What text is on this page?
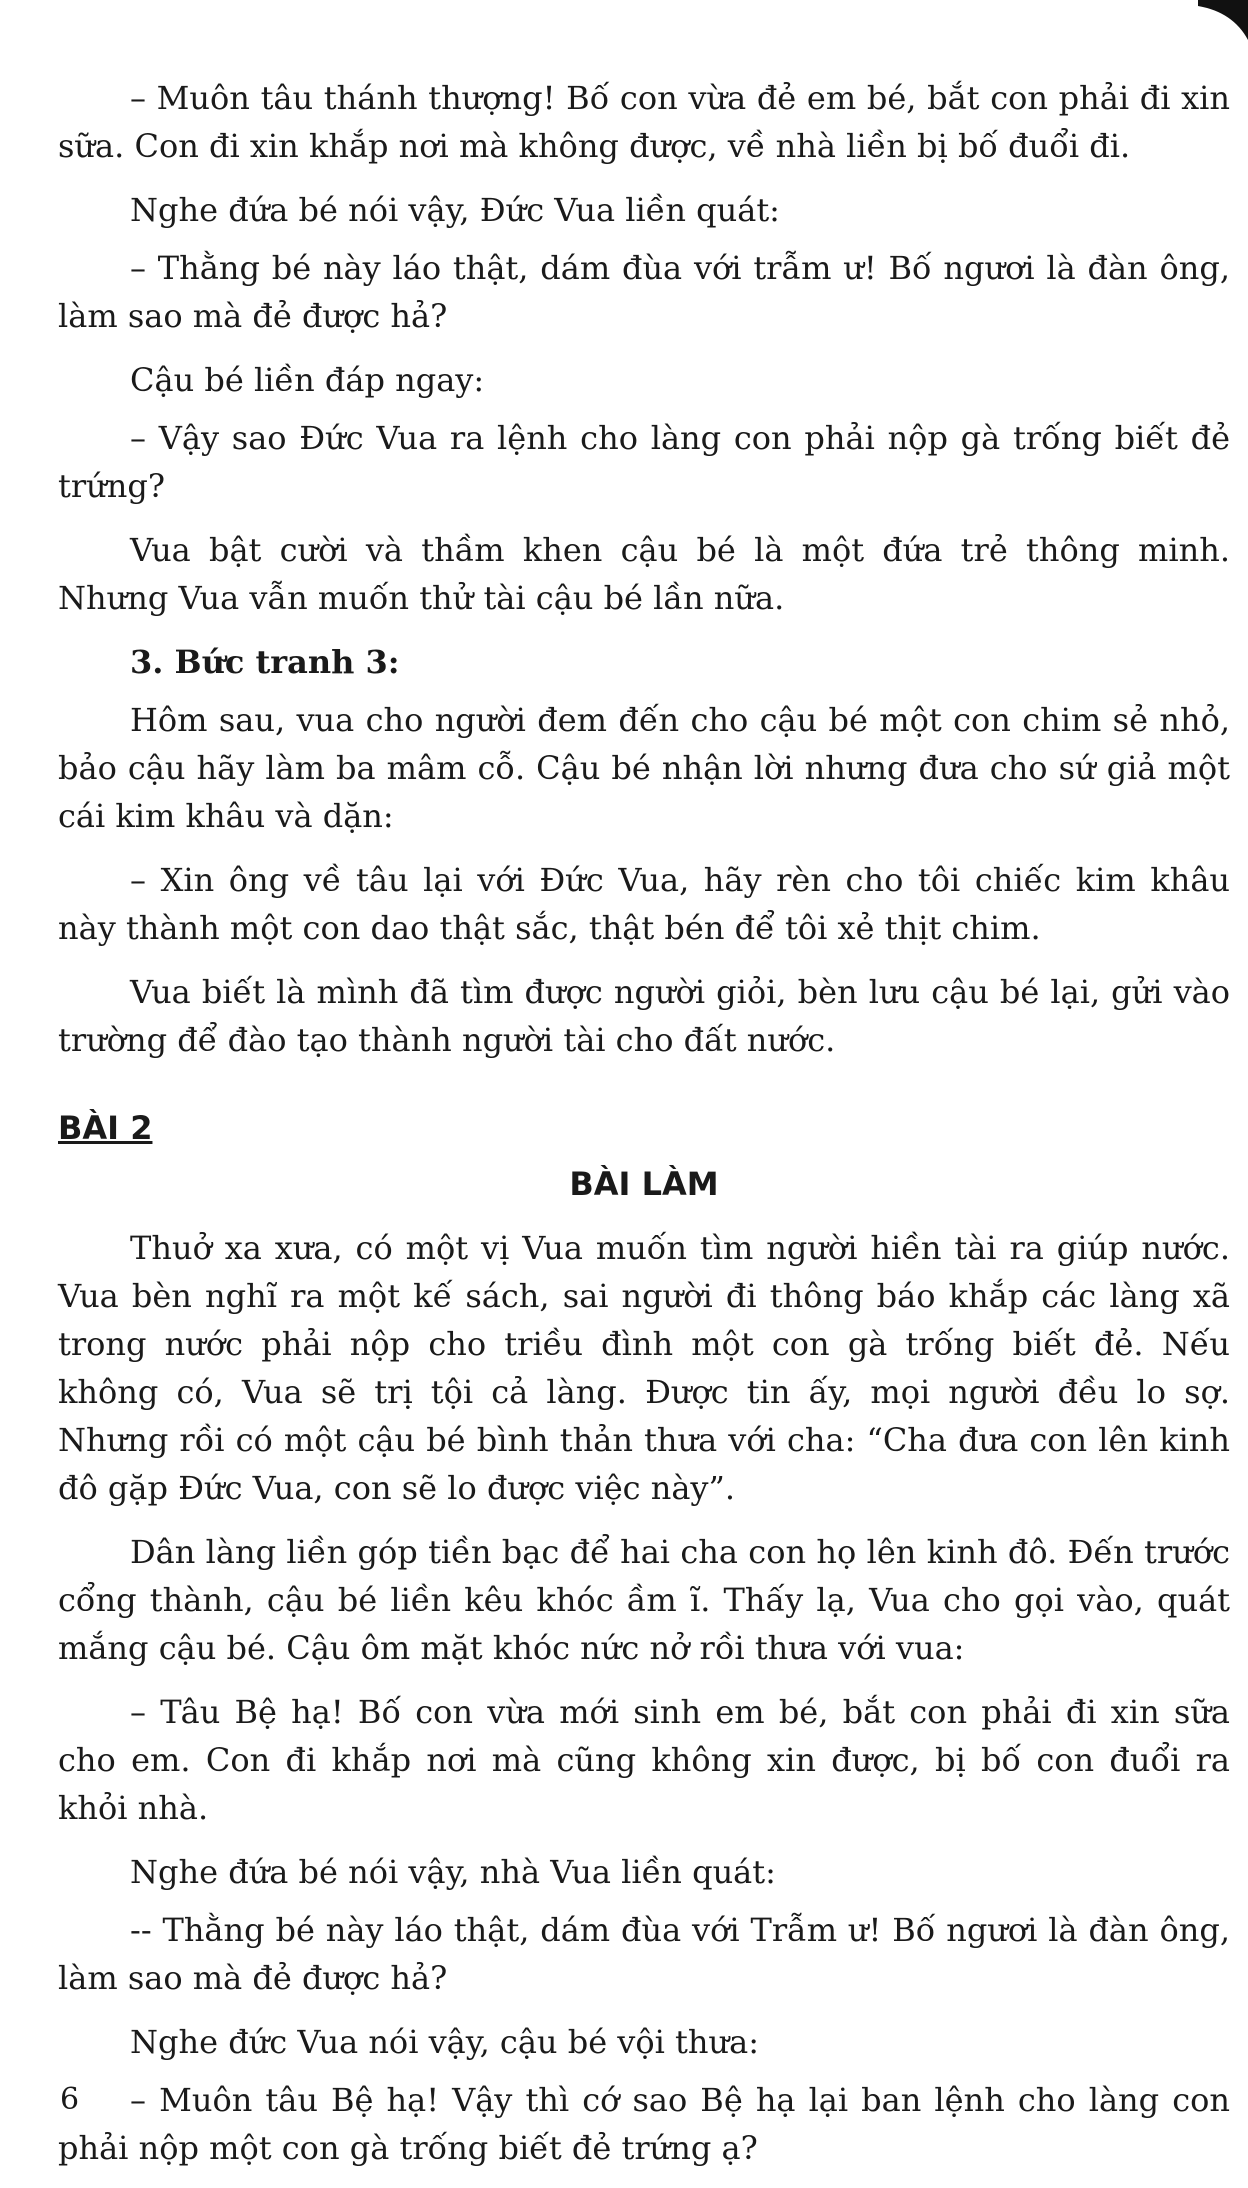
– Muôn tâu thánh thượng! Bố con vừa đẻ em bé, bắt con phải đi xin sữa. Con đi xin khắp nơi mà không được, về nhà liền bị bố đuổi đi.

Nghe đứa bé nói vậy, Đức Vua liền quát:

– Thằng bé này láo thật, dám đùa với trẫm ư! Bố ngươi là đàn ông, làm sao mà đẻ được hả?

Cậu bé liền đáp ngay:

– Vậy sao Đức Vua ra lệnh cho làng con phải nộp gà trống biết đẻ trứng?

Vua bật cười và thầm khen cậu bé là một đứa trẻ thông minh. Nhưng Vua vẫn muốn thử tài cậu bé lần nữa.

3. Bức tranh 3:

Hôm sau, vua cho người đem đến cho cậu bé một con chim sẻ nhỏ, bảo cậu hãy làm ba mâm cỗ. Cậu bé nhận lời nhưng đưa cho sứ giả một cái kim khâu và dặn:

– Xin ông về tâu lại với Đức Vua, hãy rèn cho tôi chiếc kim khâu này thành một con dao thật sắc, thật bén để tôi xẻ thịt chim.

Vua biết là mình đã tìm được người giỏi, bèn lưu cậu bé lại, gửi vào trường để đào tạo thành người tài cho đất nước.

BÀI 2
BÀI LÀM

Thuở xa xưa, có một vị Vua muốn tìm người hiền tài ra giúp nước. Vua bèn nghĩ ra một kế sách, sai người đi thông báo khắp các làng xã trong nước phải nộp cho triều đình một con gà trống biết đẻ. Nếu không có, Vua sẽ trị tội cả làng. Được tin ấy, mọi người đều lo sợ. Nhưng rồi có một cậu bé bình thản thưa với cha: “Cha đưa con lên kinh đô gặp Đức Vua, con sẽ lo được việc này”.

Dân làng liền góp tiền bạc để hai cha con họ lên kinh đô. Đến trước cổng thành, cậu bé liền kêu khóc ầm ĩ. Thấy lạ, Vua cho gọi vào, quát mắng cậu bé. Cậu ôm mặt khóc nức nở rồi thưa với vua:

– Tâu Bệ hạ! Bố con vừa mới sinh em bé, bắt con phải đi xin sữa cho em. Con đi khắp nơi mà cũng không xin được, bị bố con đuổi ra khỏi nhà.

Nghe đứa bé nói vậy, nhà Vua liền quát:

-- Thằng bé này láo thật, dám đùa với Trẫm ư! Bố ngươi là đàn ông, làm sao mà đẻ được hả?

Nghe đức Vua nói vậy, cậu bé vội thưa:

– Muôn tâu Bệ hạ! Vậy thì cớ sao Bệ hạ lại ban lệnh cho làng con phải nộp một con gà trống biết đẻ trứng ạ?

6
